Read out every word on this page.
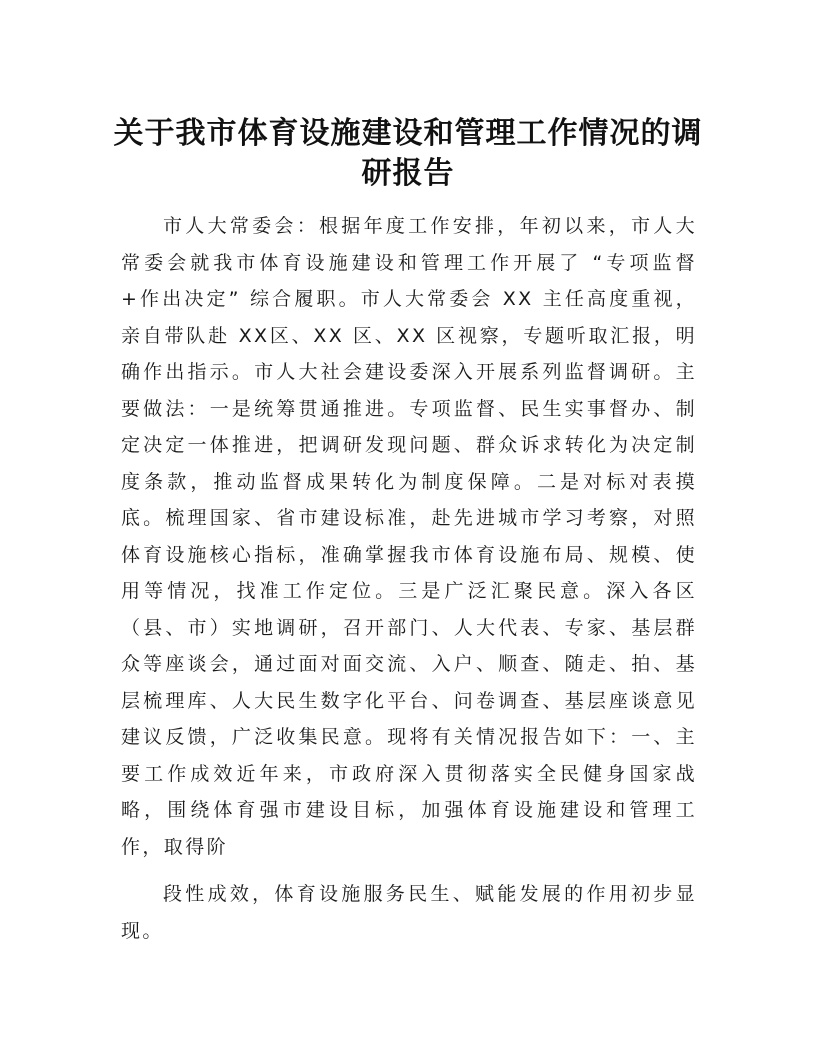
关于我市体育设施建设和管理工作情况的调研报告

市人大常委会：根据年度工作安排，年初以来，市人大常委会就我市体育设施建设和管理工作开展了 “专项监督 +作出决定” 综合履职。市人大常委会 XX 主任高度重视，亲自带队赴 XX区、XX 区、XX 区视察，专题听取汇报，明确作出指示。市人大社会建设委深入开展系列监督调研。主要做法：一是统筹贯通推进。专项监督、民生实事督办、制定决定一体推进，把调研发现问题、群众诉求转化为决定制度条款，推动监督成果转化为制度保障。二是对标对表摸底。梳理国家、省市建设标准，赴先进城市学习考察，对照体育设施核心指标，准确掌握我市体育设施布局、规模、使用等情况，找准工作定位。三是广泛汇聚民意。深入各区（县、市）实地调研，召开部门、人大代表、专家、基层群众等座谈会，通过面对面交流、入户、顺查、随走、拍、基层梳理库、人大民生数字化平台、问卷调查、基层座谈意见建议反馈，广泛收集民意。现将有关情况报告如下：一、主要工作成效近年来，市政府深入贯彻落实全民健身国家战略，围绕体育强市建设目标，加强体育设施建设和管理工作，取得阶

段性成效，体育设施服务民生、赋能发展的作用初步显现。
